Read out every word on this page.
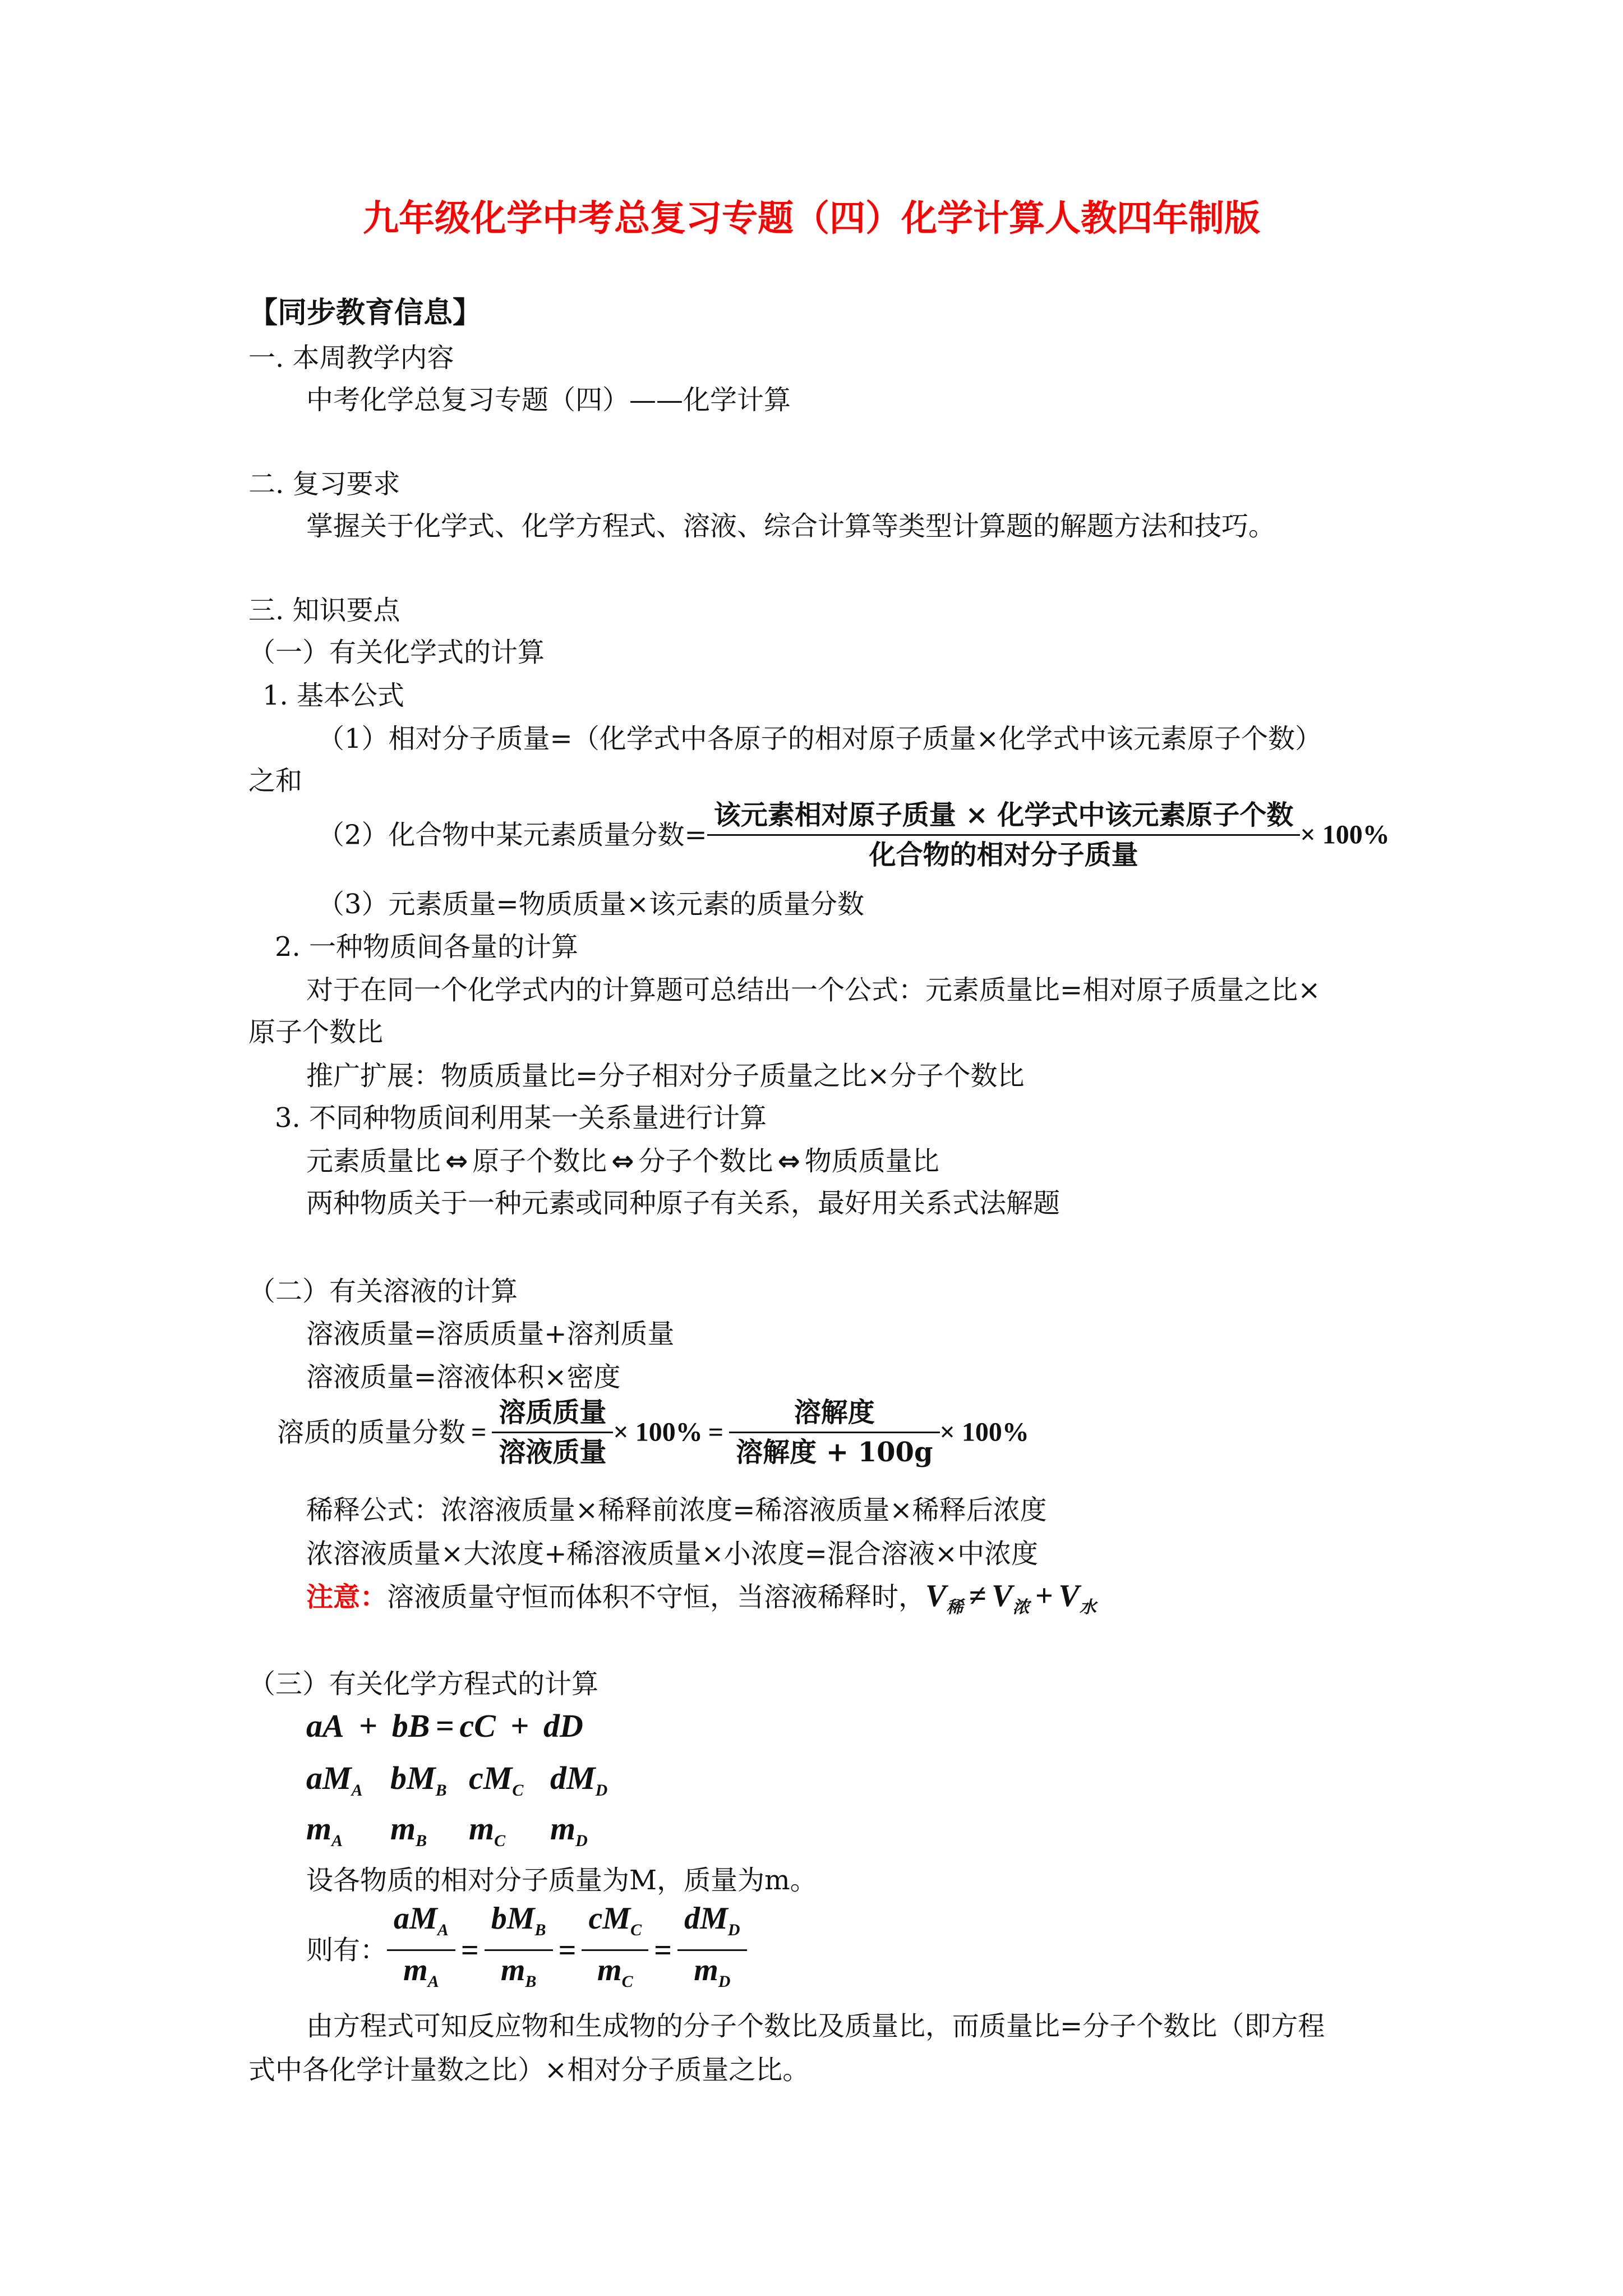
九年级化学中考总复习专题（四）化学计算人教四年制版
【同步教育信息】
一. 本周教学内容
中考化学总复习专题（四）——化学计算
二. 复习要求
掌握关于化学式、化学方程式、溶液、综合计算等类型计算题的解题方法和技巧。
三. 知识要点
（一）有关化学式的计算
1. 基本公式
（1）相对分子质量=（化学式中各原子的相对原子质量×化学式中该元素原子个数）
之和
（2）化合物中某元素质量分数= $\frac{\text{该元素相对原子质量 × 化学式中该元素原子个数}}{\text{化合物的相对分子质量}} \times 100\%$
（3）元素质量=物质质量×该元素的质量分数
2. 一种物质间各量的计算
对于在同一个化学式内的计算题可总结出一个公式：元素质量比=相对原子质量之比×
原子个数比
推广扩展：物质质量比=分子相对分子质量之比×分子个数比
3. 不同种物质间利用某一关系量进行计算
元素质量比 ⇔ 原子个数比 ⇔ 分子个数比 ⇔ 物质质量比
两种物质关于一种元素或同种原子有关系，最好用关系式法解题
（二）有关溶液的计算
溶液质量=溶质质量+溶剂质量
溶液质量=溶液体积×密度
溶质的质量分数 = $\frac{\text{溶质质量}}{\text{溶液质量}} \times 100\% = \frac{\text{溶解度}}{\text{溶解度 + 100g}} \times 100\%$
稀释公式：浓溶液质量×稀释前浓度=稀溶液质量×稀释后浓度
浓溶液质量×大浓度+稀溶液质量×小浓度=混合溶液×中浓度
注意：溶液质量守恒而体积不守恒，当溶液稀释时，$V_稀 \ne V_浓 + V_水$
（三）有关化学方程式的计算
aA + bB = cC + dD
$aM_A$ $bM_B$ $cM_C$ $dM_D$
$m_A$ $m_B$ $m_C$ $m_D$
设各物质的相对分子质量为M，质量为m。
则有： $\frac{aM_A}{m_A} = \frac{bM_B}{m_B} = \frac{cM_C}{m_C} = \frac{dM_D}{m_D}$
由方程式可知反应物和生成物的分子个数比及质量比，而质量比=分子个数比（即方程
式中各化学计量数之比）×相对分子质量之比。
